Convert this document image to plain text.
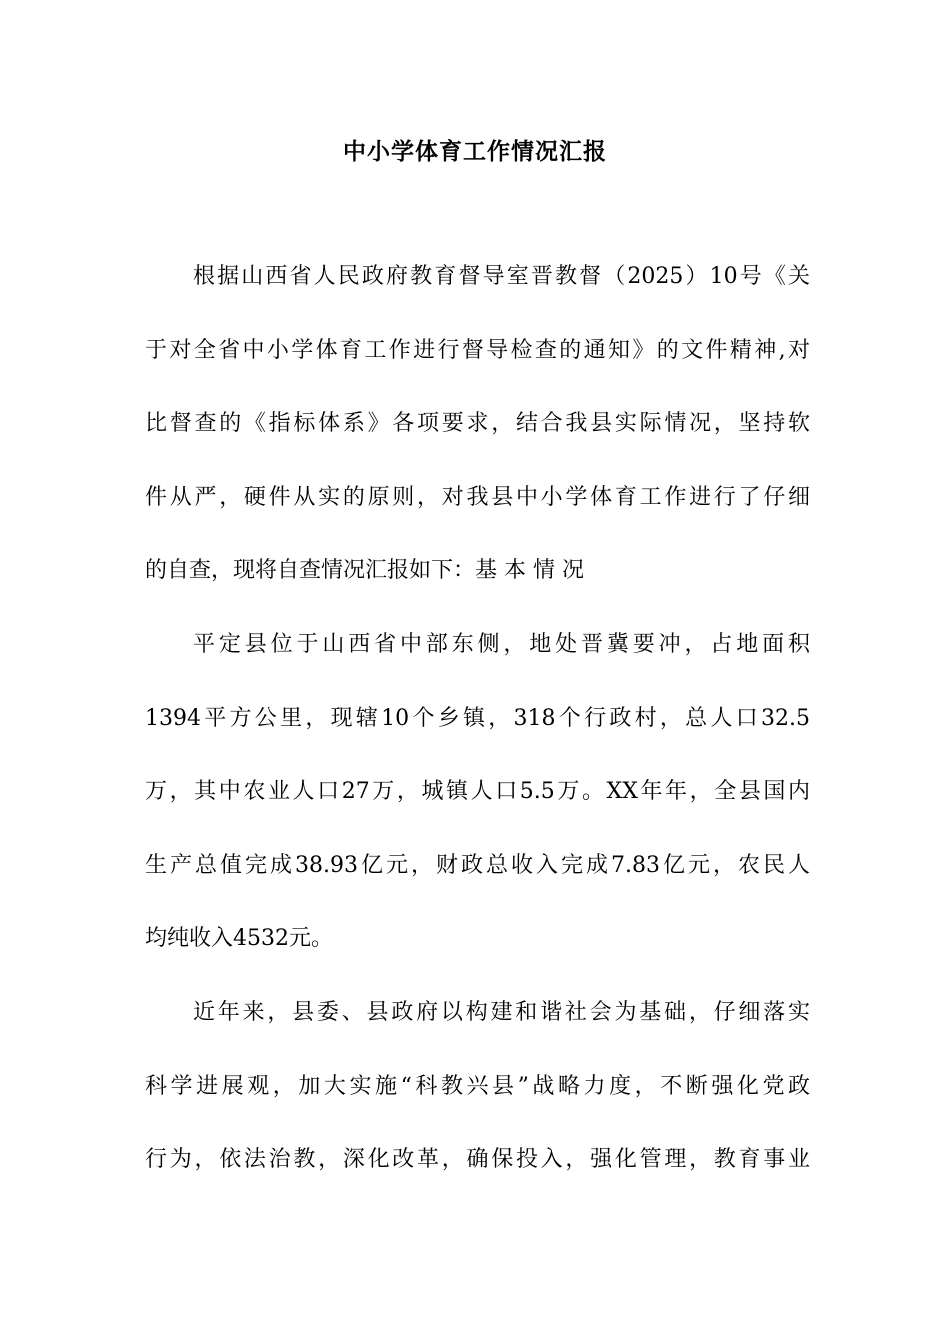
中小学体育工作情况汇报
根据山西省人民政府教育督导室晋教督（2025）10号《关
于对全省中小学体育工作进行督导检查的通知》的文件精神,对
比督查的《指标体系》各项要求，结合我县实际情况，坚持软
件从严，硬件从实的原则，对我县中小学体育工作进行了仔细
的自查，现将自查情况汇报如下：基 本 情 况
平定县位于山西省中部东侧，地处晋冀要冲，占地面积
1394平方公里，现辖10个乡镇，318个行政村，总人口32.5
万，其中农业人口27万，城镇人口5.5万。XX年年，全县国内
生产总值完成38.93亿元，财政总收入完成7.83亿元，农民人
均纯收入4532元。
近年来，县委、县政府以构建和谐社会为基础，仔细落实
科学进展观，加大实施“科教兴县”战略力度，不断强化党政
行为，依法治教，深化改革，确保投入，强化管理，教育事业
